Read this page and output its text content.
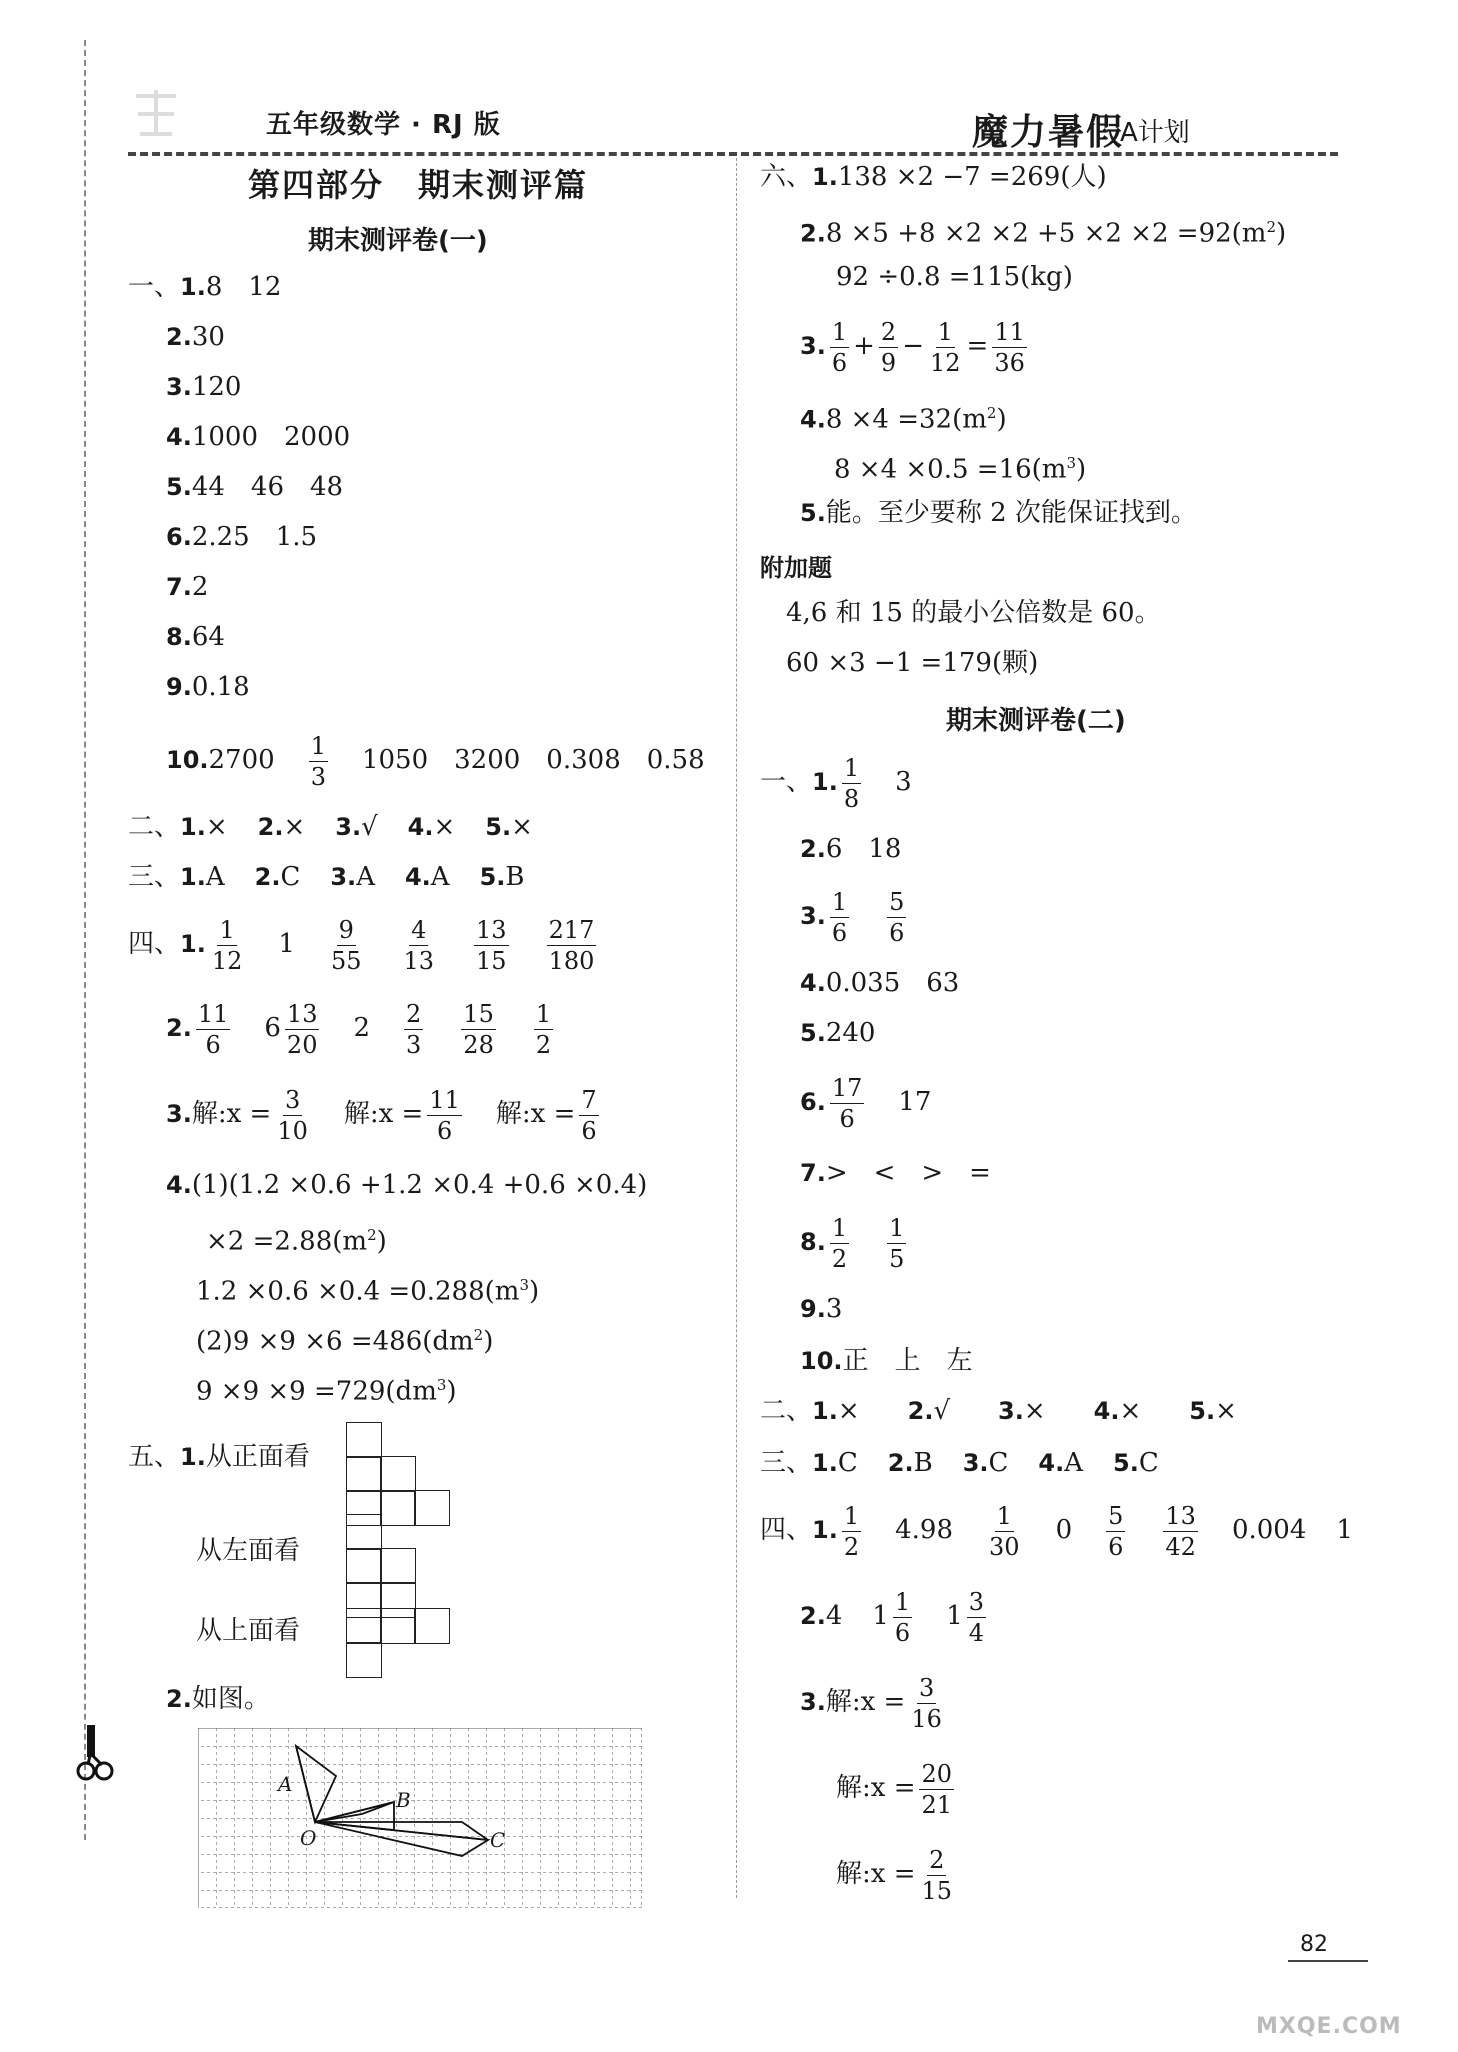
五年级数学 · RJ 版	魔力暑假
A计划
第四部分　期末测评篇
期末测评卷(一)
一、1.8　12
2.30
3.120
4.1000　2000
5.44　46　48
6.2.25　1.5
7.2
8.64
9.0.18
$10.2700 \frac{1}{3} 1050$　3200　0.308　0.58
二、1.× 2.× 3.√ 4.× 5.×
三、1.A 2.C 3.A 4.A 5.B
四、1. $\frac{1}{12} 1 \frac{9}{55} \frac{4}{13} \frac{13}{15} \frac{217}{180}$
2. $\frac{11}{6} 6 \frac{13}{20} 2 \frac{2}{3} \frac{15}{28} \frac{1}{2}$
3.解:x = $\frac{3}{10}$ 解:x = $\frac{11}{6}$ 解:x = $\frac{7}{6}$
4.(1)(1.2 ×0.6 +1.2 ×0.4 +0.6 ×0.4)
$\times 2 =2.88(m^2)$
$1.2 \times 0.6 \times 0.4 =0.288(m^3)$
$(2)9 \times 9 \times 6 =486(dm^2)$
$9 \times 9 \times 9 =729(dm^3)$
五、1.从正面看
从左面看
从上面看
2.如图。
A
O
B
C
六、1.138 ×2 −7 =269(人)
$2.8 \times 5 +8 \times 2 \times 2 +5 \times 2 \times 2 =92(m^2)$
92 ÷0.8 =115(kg)
3. $\frac{1}{6} + \frac{2}{9} - \frac{1}{12} = \frac{11}{36}$
$4.8 \times 4 =32(m^2)$
$8 \times 4 \times 0.5 =16(m^3)$
5.能。至少要称 2 次能保证找到。
附加题
4,6 和 15 的最小公倍数是 60。
60 ×3 −1 =179(颗)
期末测评卷(二)
一、1. $\frac{1}{8} 3$
2.6　18
3. $\frac{1}{6} \frac{5}{6}$
4.0.035　63
5.240
6. $\frac{17}{6} 17$
7.>　<　>　=
8. $\frac{1}{2} \frac{1}{5}$
9.3
10.正　上　左
二、1.× 2.√ 3.× 4.× 5.×
三、1.C 2.B 3.C 4.A 5.C
四、1. $\frac{1}{2} 4.98 \frac{1}{30} 0 \frac{5}{6} \frac{13}{42} 0.004$ 1
2.4 $1 \frac{1}{6} 1 \frac{3}{4}$
3.解:x = $\frac{3}{16}$
解:x = $\frac{20}{21}$
解:x = $\frac{2}{15}$
82
MXQE.COM
